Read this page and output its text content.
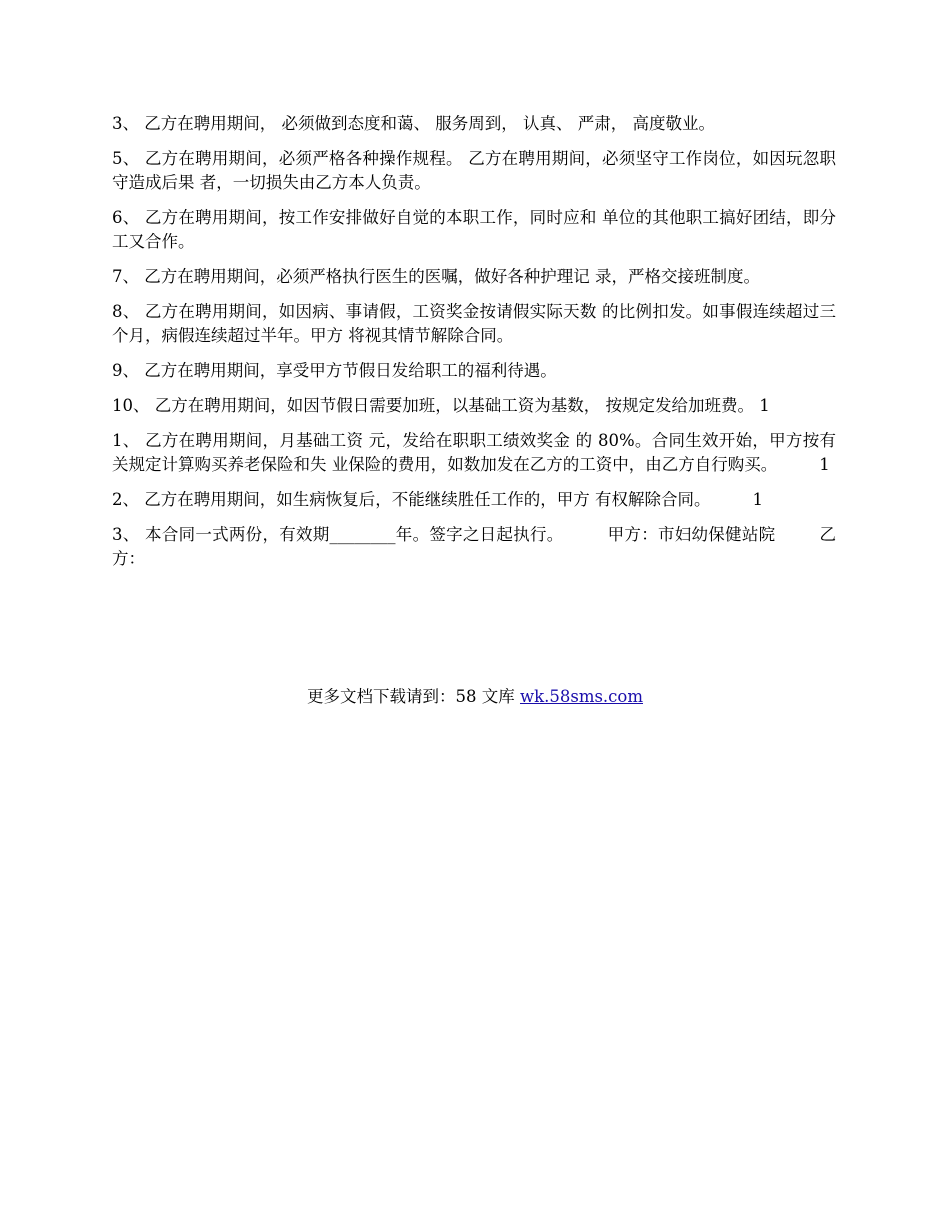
3、 乙方在聘用期间， 必须做到态度和蔼、 服务周到， 认真、 严肃， 高度敬业。

5、 乙方在聘用期间，必须严格各种操作规程。 乙方在聘用期间，必须坚守工作岗位，如因玩忽职守造成后果 者，一切损失由乙方本人负责。

6、 乙方在聘用期间，按工作安排做好自觉的本职工作，同时应和 单位的其他职工搞好团结，即分工又合作。

7、 乙方在聘用期间，必须严格执行医生的医嘱，做好各种护理记 录，严格交接班制度。

8、 乙方在聘用期间，如因病、事请假，工资奖金按请假实际天数 的比例扣发。如事假连续超过三个月，病假连续超过半年。甲方 将视其情节解除合同。

9、 乙方在聘用期间，享受甲方节假日发给职工的福利待遇。

10、 乙方在聘用期间，如因节假日需要加班，以基础工资为基数， 按规定发给加班费。 1

1、 乙方在聘用期间，月基础工资 元，发给在职职工绩效奖金 的 80%。合同生效开始，甲方按有关规定计算购买养老保险和失 业保险的费用，如数加发在乙方的工资中，由乙方自行购买。        1

2、 乙方在聘用期间，如生病恢复后，不能继续胜任工作的，甲方 有权解除合同。        1

3、 本合同一式两份，有效期________年。签字之日起执行。        甲方：市妇幼保健站院        乙方：

更多文档下载请到：58 文库 wk.58sms.com
